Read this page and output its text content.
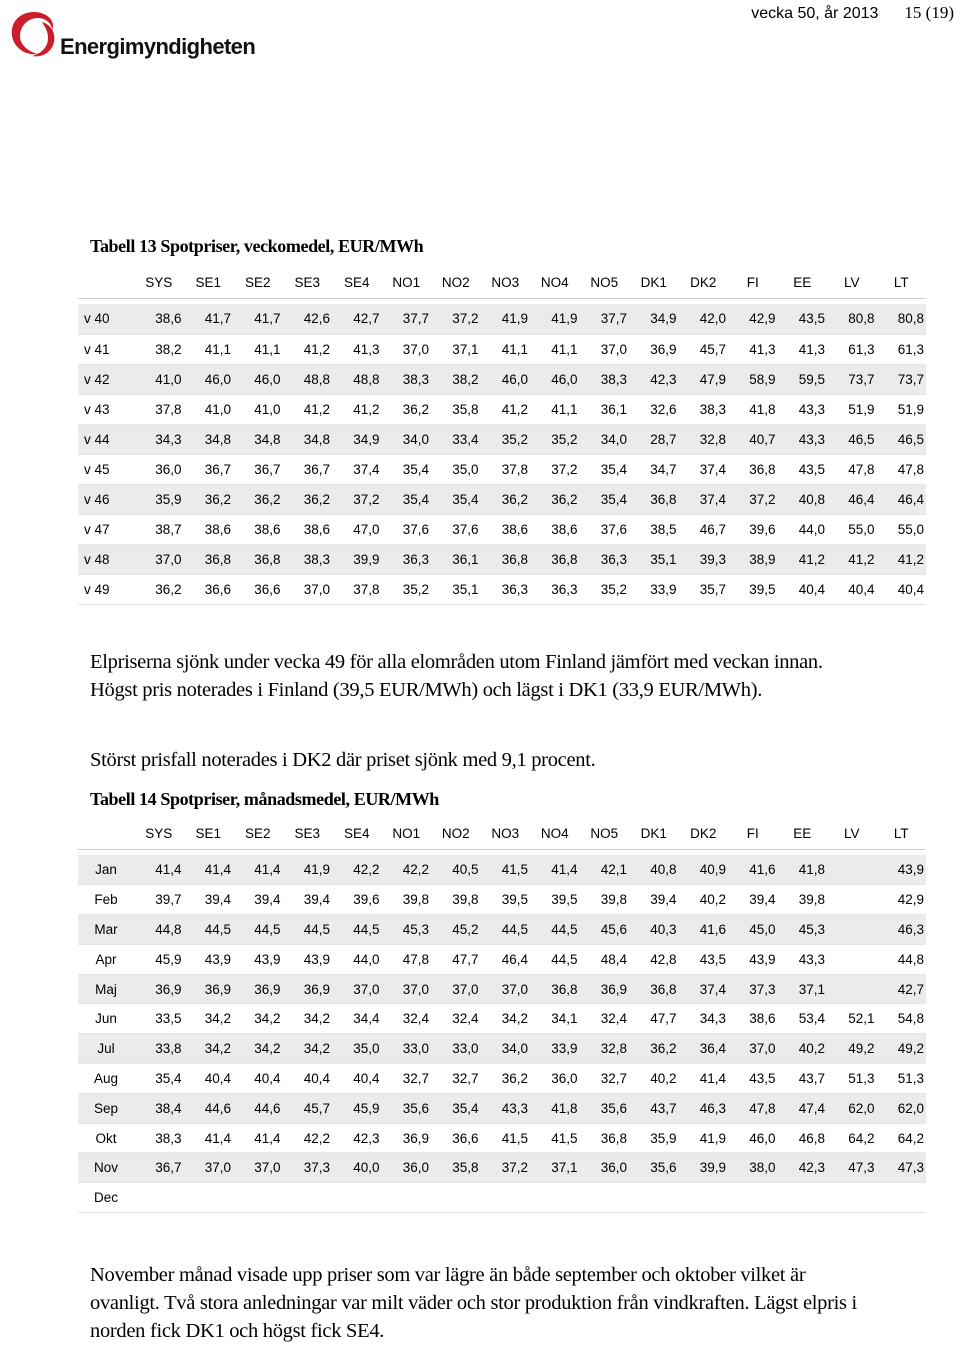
Energimyndigheten
vecka 50, år 2013 15 (19)
Tabell 13 Spotpriser, veckomedel, EUR/MWh
	SYS	SE1	SE2	SE3	SE4	NO1	NO2	NO3	NO4	NO5	DK1	DK2	FI	EE	LV	LT

v 40	38,6	41,7	41,7	42,6	42,7	37,7	37,2	41,9	41,9	37,7	34,9	42,0	42,9	43,5	80,8	80,8
v 41	38,2	41,1	41,1	41,2	41,3	37,0	37,1	41,1	41,1	37,0	36,9	45,7	41,3	41,3	61,3	61,3
v 42	41,0	46,0	46,0	48,8	48,8	38,3	38,2	46,0	46,0	38,3	42,3	47,9	58,9	59,5	73,7	73,7
v 43	37,8	41,0	41,0	41,2	41,2	36,2	35,8	41,2	41,1	36,1	32,6	38,3	41,8	43,3	51,9	51,9
v 44	34,3	34,8	34,8	34,8	34,9	34,0	33,4	35,2	35,2	34,0	28,7	32,8	40,7	43,3	46,5	46,5
v 45	36,0	36,7	36,7	36,7	37,4	35,4	35,0	37,8	37,2	35,4	34,7	37,4	36,8	43,5	47,8	47,8
v 46	35,9	36,2	36,2	36,2	37,2	35,4	35,4	36,2	36,2	35,4	36,8	37,4	37,2	40,8	46,4	46,4
v 47	38,7	38,6	38,6	38,6	47,0	37,6	37,6	38,6	38,6	37,6	38,5	46,7	39,6	44,0	55,0	55,0
v 48	37,0	36,8	36,8	38,3	39,9	36,3	36,1	36,8	36,8	36,3	35,1	39,3	38,9	41,2	41,2	41,2
v 49	36,2	36,6	36,6	37,0	37,8	35,2	35,1	36,3	36,3	35,2	33,9	35,7	39,5	40,4	40,4	40,4

Elpriserna sjönk under vecka 49 för alla elområden utom Finland jämfört med veckan innan. Högst pris noterades i Finland (39,5 EUR/MWh) och lägst i DK1 (33,9 EUR/MWh).

Störst prisfall noterades i DK2 där priset sjönk med 9,1 procent.

Tabell 14 Spotpriser, månadsmedel, EUR/MWh
	SYS	SE1	SE2	SE3	SE4	NO1	NO2	NO3	NO4	NO5	DK1	DK2	FI	EE	LV	LT

Jan	41,4	41,4	41,4	41,9	42,2	42,2	40,5	41,5	41,4	42,1	40,8	40,9	41,6	41,8		43,9
Feb	39,7	39,4	39,4	39,4	39,6	39,8	39,8	39,5	39,5	39,8	39,4	40,2	39,4	39,8		42,9
Mar	44,8	44,5	44,5	44,5	44,5	45,3	45,2	44,5	44,5	45,6	40,3	41,6	45,0	45,3		46,3
Apr	45,9	43,9	43,9	43,9	44,0	47,8	47,7	46,4	44,5	48,4	42,8	43,5	43,9	43,3		44,8
Maj	36,9	36,9	36,9	36,9	37,0	37,0	37,0	37,0	36,8	36,9	36,8	37,4	37,3	37,1		42,7
Jun	33,5	34,2	34,2	34,2	34,4	32,4	32,4	34,2	34,1	32,4	47,7	34,3	38,6	53,4	52,1	54,8
Jul	33,8	34,2	34,2	34,2	35,0	33,0	33,0	34,0	33,9	32,8	36,2	36,4	37,0	40,2	49,2	49,2
Aug	35,4	40,4	40,4	40,4	40,4	32,7	32,7	36,2	36,0	32,7	40,2	41,4	43,5	43,7	51,3	51,3
Sep	38,4	44,6	44,6	45,7	45,9	35,6	35,4	43,3	41,8	35,6	43,7	46,3	47,8	47,4	62,0	62,0
Okt	38,3	41,4	41,4	42,2	42,3	36,9	36,6	41,5	41,5	36,8	35,9	41,9	46,0	46,8	64,2	64,2
Nov	36,7	37,0	37,0	37,3	40,0	36,0	35,8	37,2	37,1	36,0	35,6	39,9	38,0	42,3	47,3	47,3
Dec																

November månad visade upp priser som var lägre än både september och oktober vilket är ovanligt. Två stora anledningar var milt väder och stor produktion från vindkraften. Lägst elpris i norden fick DK1 och högst fick SE4.
